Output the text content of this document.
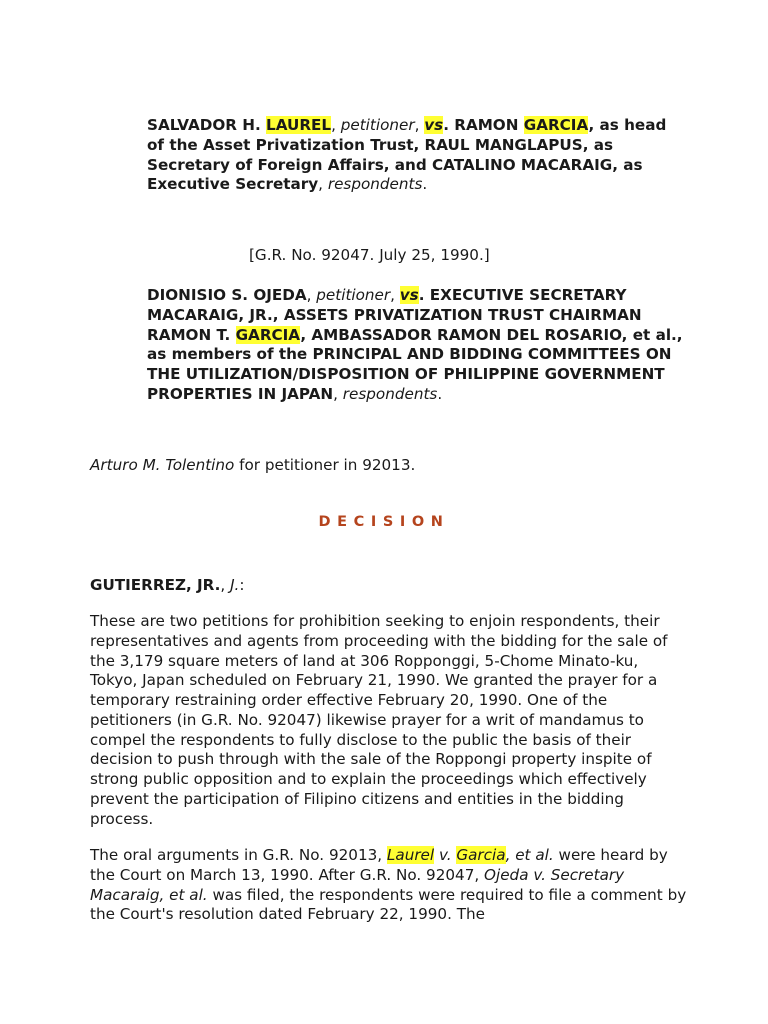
SALVADOR H. LAUREL, petitioner, vs. RAMON GARCIA, as head of the Asset Privatization Trust, RAUL MANGLAPUS, as Secretary of Foreign Affairs, and CATALINO MACARAIG, as Executive Secretary, respondents.
[G.R. No. 92047. July 25, 1990.]
DIONISIO S. OJEDA, petitioner, vs. EXECUTIVE SECRETARY MACARAIG, JR., ASSETS PRIVATIZATION TRUST CHAIRMAN RAMON T. GARCIA, AMBASSADOR RAMON DEL ROSARIO, et al., as members of the PRINCIPAL AND BIDDING COMMITTEES ON THE UTILIZATION/DISPOSITION OF PHILIPPINE GOVERNMENT PROPERTIES IN JAPAN, respondents.
Arturo M. Tolentino for petitioner in 92013.
DECISION
GUTIERREZ, JR., J.:

These are two petitions for prohibition seeking to enjoin respondents, their representatives and agents from proceeding with the bidding for the sale of the 3,179 square meters of land at 306 Ropponggi, 5-Chome Minato-ku, Tokyo, Japan scheduled on February 21, 1990. We granted the prayer for a temporary restraining order effective February 20, 1990. One of the petitioners (in G.R. No. 92047) likewise prayer for a writ of mandamus to compel the respondents to fully disclose to the public the basis of their decision to push through with the sale of the Roppongi property inspite of strong public opposition and to explain the proceedings which effectively prevent the participation of Filipino citizens and entities in the bidding process.

The oral arguments in G.R. No. 92013, Laurel v. Garcia, et al. were heard by the Court on March 13, 1990. After G.R. No. 92047, Ojeda v. Secretary Macaraig, et al. was filed, the respondents were required to file a comment by the Court's resolution dated February 22, 1990. The
